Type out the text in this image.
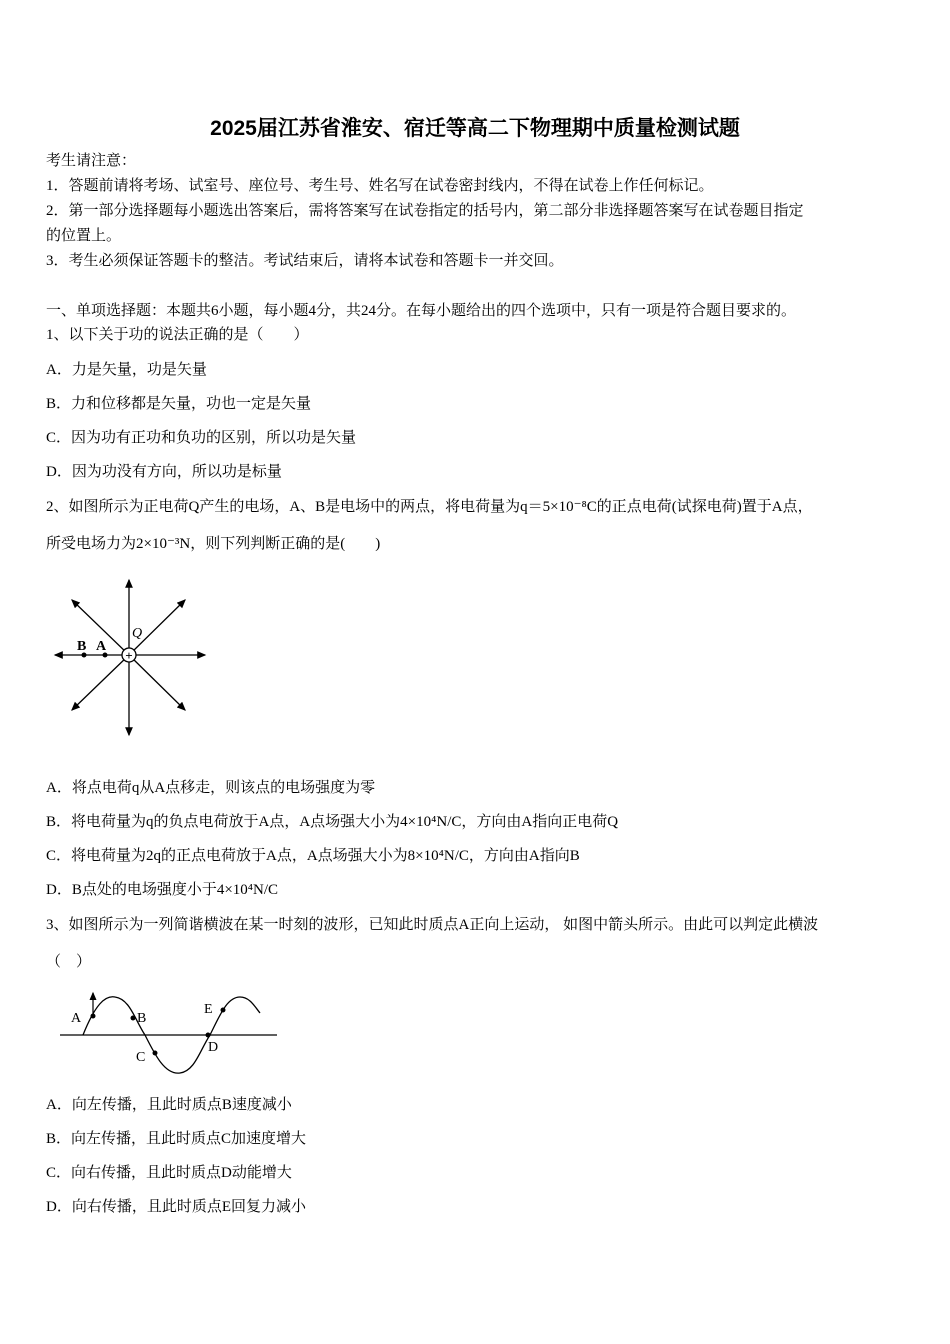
2025届江苏省淮安、宿迁等高二下物理期中质量检测试题
考生请注意：
1．答题前请将考场、试室号、座位号、考生号、姓名写在试卷密封线内，不得在试卷上作任何标记。
2．第一部分选择题每小题选出答案后，需将答案写在试卷指定的括号内，第二部分非选择题答案写在试卷题目指定
的位置上。
3．考生必须保证答题卡的整洁。考试结束后，请将本试卷和答题卡一并交回。
一、单项选择题：本题共6小题，每小题4分，共24分。在每小题给出的四个选项中，只有一项是符合题目要求的。
1、以下关于功的说法正确的是（　　）
A．力是矢量，功是矢量
B．力和位移都是矢量，功也一定是矢量
C．因为功有正功和负功的区别，所以功是矢量
D．因为功没有方向，所以功是标量
2、如图所示为正电荷Q产生的电场，A、B是电场中的两点，将电荷量为q＝5×10⁻⁸C的正点电荷(试探电荷)置于A点，
所受电场力为2×10⁻³N，则下列判断正确的是(　　)
+
Q
B A
A．将点电荷q从A点移走，则该点的电场强度为零
B．将电荷量为q的负点电荷放于A点，A点场强大小为4×10⁴N/C，方向由A指向正电荷Q
C．将电荷量为2q的正点电荷放于A点，A点场强大小为8×10⁴N/C，方向由A指向B
D．B点处的电场强度小于4×10⁴N/C
3、如图所示为一列简谐横波在某一时刻的波形，已知此时质点A正向上运动， 如图中箭头所示。由此可以判定此横波
（　）
A	B
C
D
E
A．向左传播，且此时质点B速度减小
B．向左传播，且此时质点C加速度增大
C．向右传播，且此时质点D动能增大
D．向右传播，且此时质点E回复力减小
